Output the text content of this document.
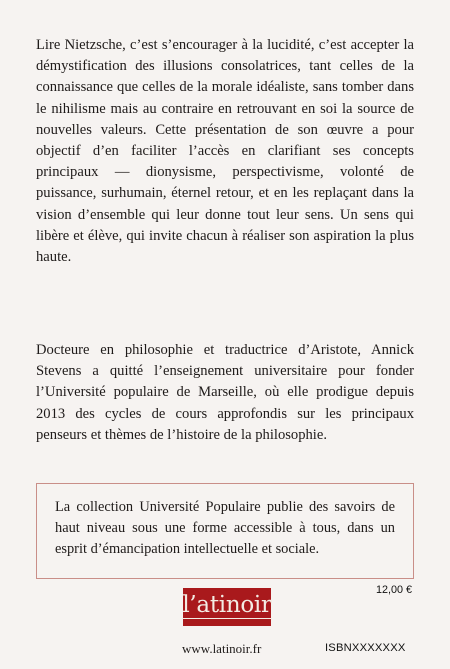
Lire Nietzsche, c’est s’encourager à la lucidité, c’est accepter la démystification des illusions consolatrices, tant celles de la connaissance que celles de la morale idéaliste, sans tomber dans le nihilisme mais au contraire en retrouvant en soi la source de nouvelles valeurs. Cette présentation de son œuvre a pour objectif d’en faciliter l’accès en clarifiant ses concepts principaux — dionysisme, perspectivisme, volonté de puissance, surhumain, éternel retour, et en les replaçant dans la vision d’ensemble qui leur donne tout leur sens. Un sens qui libère et élève, qui invite chacun à réaliser son aspiration la plus haute.

Docteure en philosophie et traductrice d’Aristote, Annick Stevens a quitté l’enseignement universitaire pour fonder l’Université populaire de Marseille, où elle prodigue depuis 2013 des cycles de cours approfondis sur les principaux penseurs et thèmes de l’histoire de la philosophie.

La collection Université Populaire publie des savoirs de haut niveau sous une forme accessible à tous, dans un esprit d’émancipation intellectuelle et sociale.

l’atinoir
12,00 €
www.latinoir.fr	ISBNXXXXXXX
